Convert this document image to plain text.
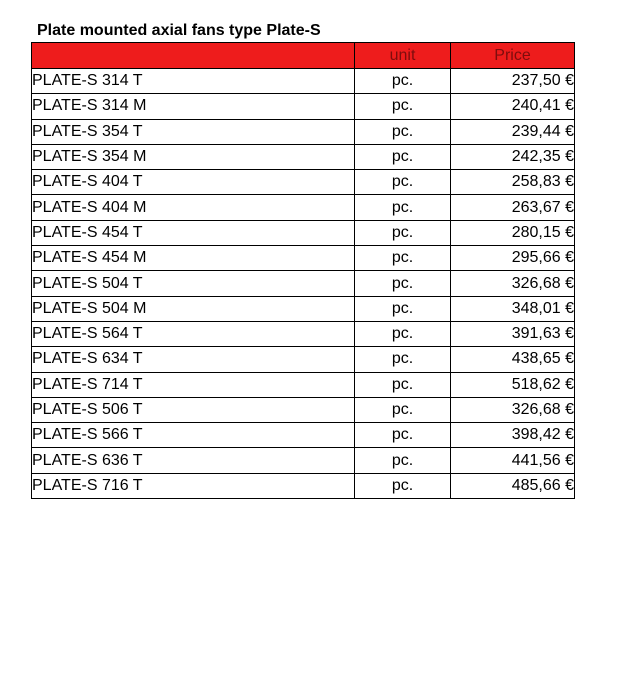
Plate mounted axial fans type Plate-S
	unit	Price
PLATE-S 314 T	pc.	237,50 €
PLATE-S 314 M	pc.	240,41 €
PLATE-S 354 T	pc.	239,44 €
PLATE-S 354 M	pc.	242,35 €
PLATE-S 404 T	pc.	258,83 €
PLATE-S 404 M	pc.	263,67 €
PLATE-S 454 T	pc.	280,15 €
PLATE-S 454 M	pc.	295,66 €
PLATE-S 504 T	pc.	326,68 €
PLATE-S 504 M	pc.	348,01 €
PLATE-S 564 T	pc.	391,63 €
PLATE-S 634 T	pc.	438,65 €
PLATE-S 714 T	pc.	518,62 €
PLATE-S 506 T	pc.	326,68 €
PLATE-S 566 T	pc.	398,42 €
PLATE-S 636 T	pc.	441,56 €
PLATE-S 716 T	pc.	485,66 €
